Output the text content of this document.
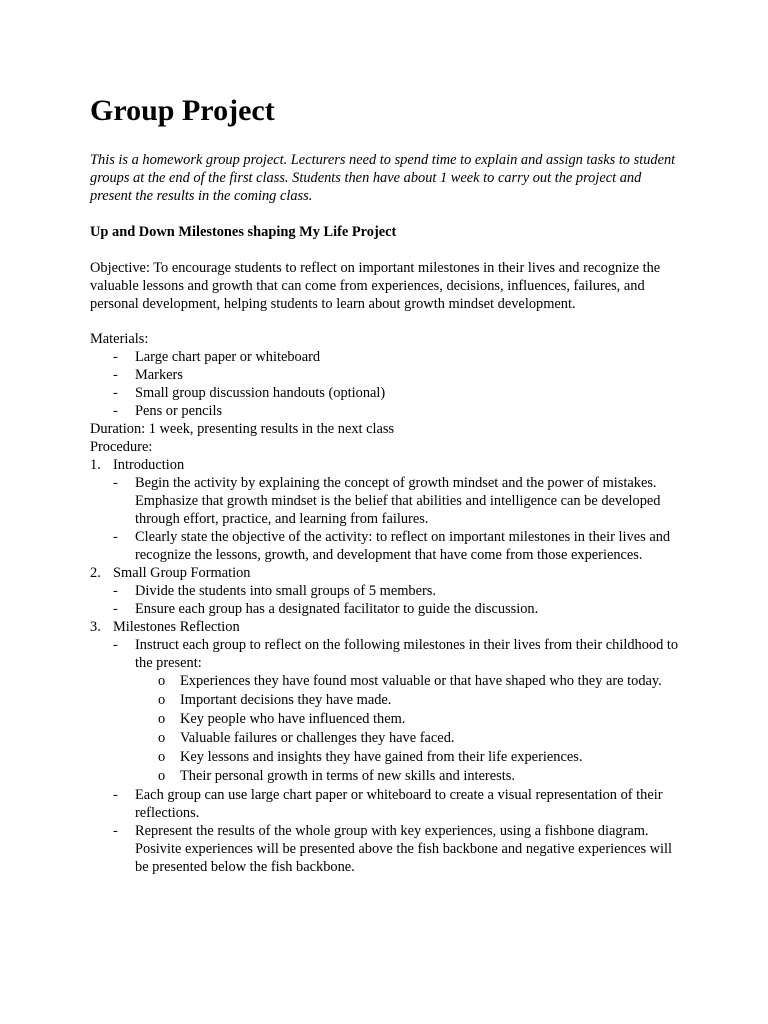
Group Project

This is a homework group project. Lecturers need to spend time to explain and assign tasks to student groups at the end of the first class. Students then have about 1 week to carry out the project and present the results in the coming class.

Up and Down Milestones shaping My Life Project

Objective: To encourage students to reflect on important milestones in their lives and recognize the valuable lessons and growth that can come from experiences, decisions, influences, failures, and personal development, helping students to learn about growth mindset development.

Materials:

- Large chart paper or whiteboard
- Markers
- Small group discussion handouts (optional)
- Pens or pencils

Duration: 1 week, presenting results in the next class

Procedure:

1. Introduction
- Begin the activity by explaining the concept of growth mindset and the power of mistakes. Emphasize that growth mindset is the belief that abilities and intelligence can be developed through effort, practice, and learning from failures.
- Clearly state the objective of the activity: to reflect on important milestones in their lives and recognize the lessons, growth, and development that have come from those experiences.
2. Small Group Formation
- Divide the students into small groups of 5 members.
- Ensure each group has a designated facilitator to guide the discussion.
3. Milestones Reflection
- Instruct each group to reflect on the following milestones in their lives from their childhood to the present:
o Experiences they have found most valuable or that have shaped who they are today.
o Important decisions they have made.
o Key people who have influenced them.
o Valuable failures or challenges they have faced.
o Key lessons and insights they have gained from their life experiences.
o Their personal growth in terms of new skills and interests.
- Each group can use large chart paper or whiteboard to create a visual representation of their reflections.
- Represent the results of the whole group with key experiences, using a fishbone diagram. Posivite experiences will be presented above the fish backbone and negative experiences will be presented below the fish backbone.
